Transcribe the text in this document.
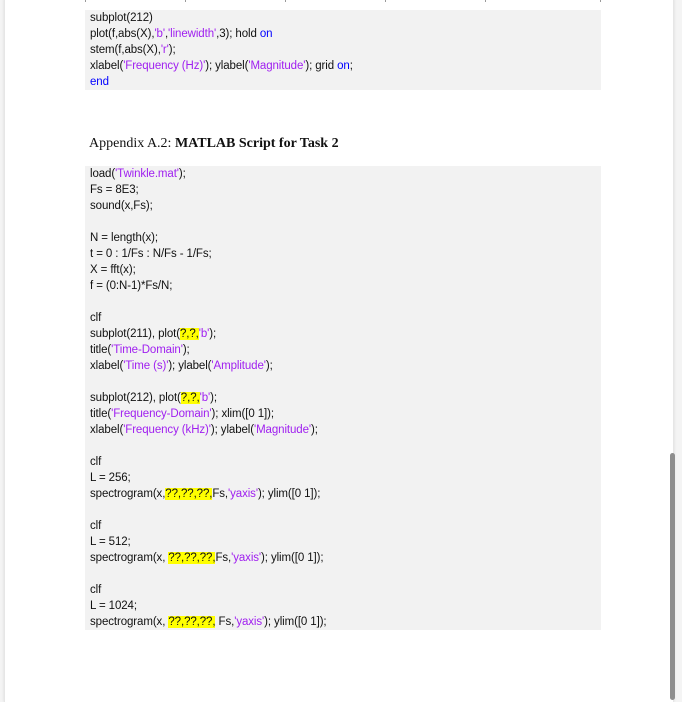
subplot(212)
plot(f,abs(X),'b','linewidth',3); hold on
stem(f,abs(X),'r');
xlabel('Frequency (Hz)'); ylabel('Magnitude'); grid on;
end
Appendix A.2: MATLAB Script for Task 2
load('Twinkle.mat');
Fs = 8E3;
sound(x,Fs);
N = length(x);
t = 0 : 1/Fs : N/Fs - 1/Fs;
X = fft(x);
f = (0:N-1)*Fs/N;
clf
subplot(211), plot(?,?,'b');
title('Time-Domain');
xlabel('Time (s)'); ylabel('Amplitude');
subplot(212), plot(?,?,'b');
title('Frequency-Domain'); xlim([0 1]);
xlabel('Frequency (kHz)'); ylabel('Magnitude');
clf
L = 256;
spectrogram(x,??,??,??,Fs,'yaxis'); ylim([0 1]);
clf
L = 512;
spectrogram(x, ??,??,??,Fs,'yaxis'); ylim([0 1]);
clf
L = 1024;
spectrogram(x, ??,??,??, Fs,'yaxis'); ylim([0 1]);
